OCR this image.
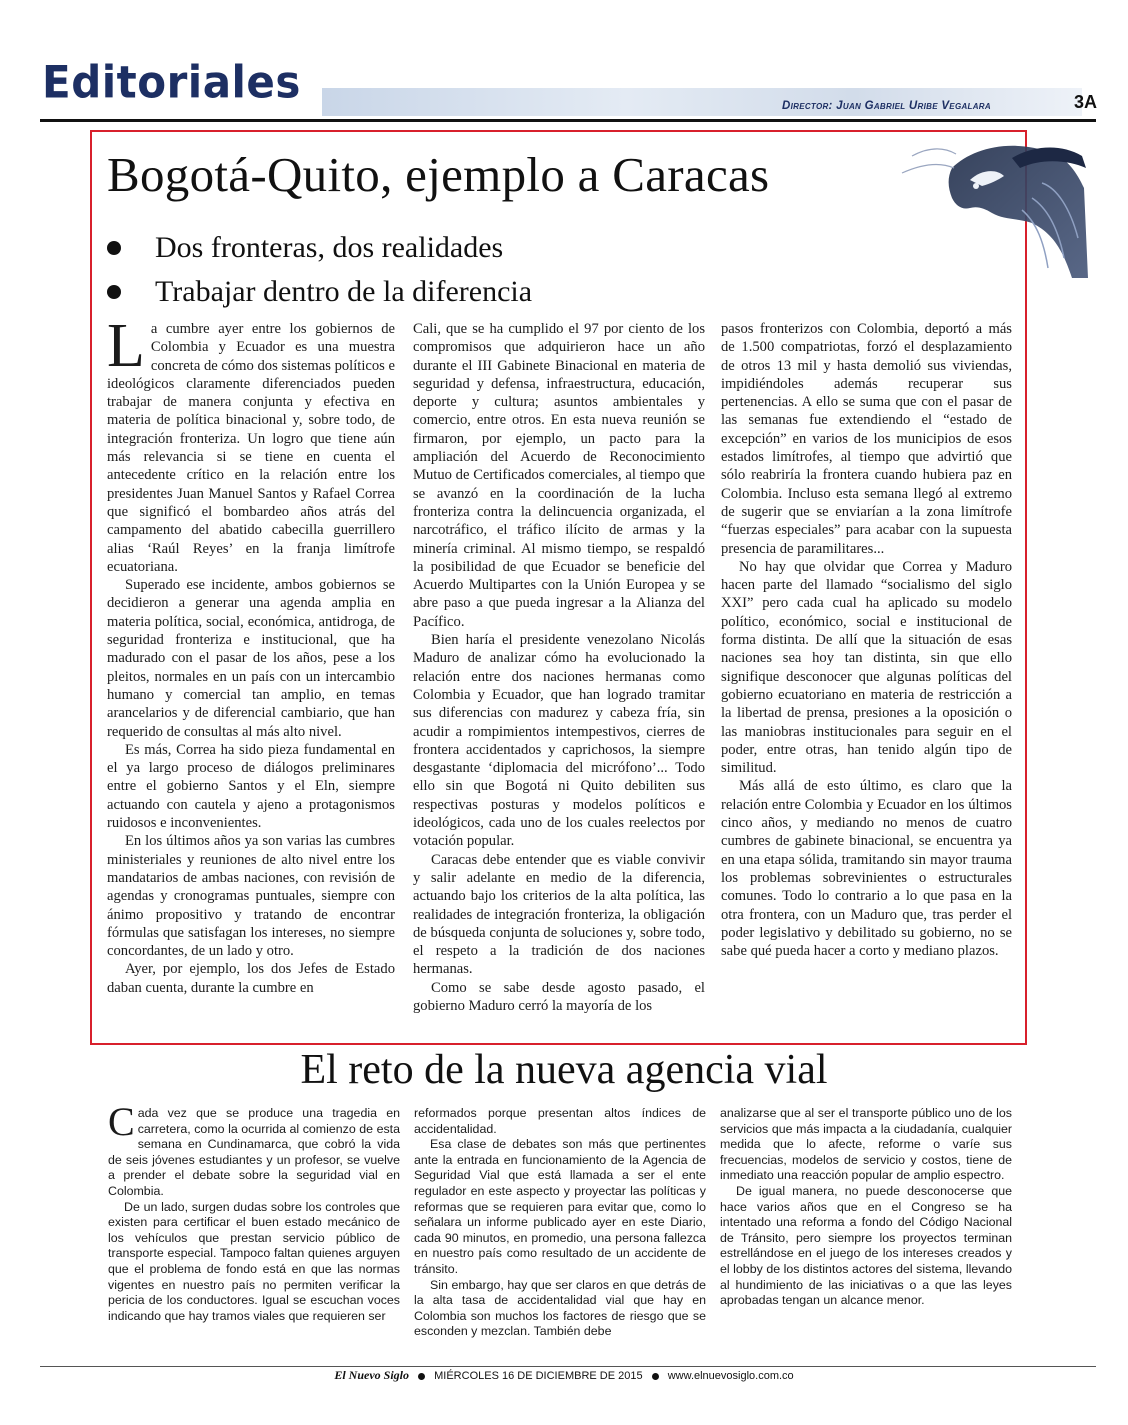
Editoriales	Director: Juan Gabriel Uribe Vegalara	3A
Bogotá-Quito, ejemplo a Caracas
Dos fronteras, dos realidades
Trabajar dentro de la diferencia

La cumbre ayer entre los gobiernos de Colombia y Ecuador es una muestra concreta de cómo dos sistemas políticos e ideológicos claramente diferenciados pueden trabajar de manera conjunta y efectiva en materia de política binacional y, sobre todo, de integración fronteriza. Un logro que tiene aún más relevancia si se tiene en cuenta el antecedente crítico en la relación entre los presidentes Juan Manuel Santos y Rafael Correa que significó el bombardeo años atrás del campamento del abatido cabecilla guerrillero alias ‘Raúl Reyes’ en la franja limítrofe ecuatoriana.

Superado ese incidente, ambos gobiernos se decidieron a generar una agenda amplia en materia política, social, económica, antidroga, de seguridad fronteriza e institucional, que ha madurado con el pasar de los años, pese a los pleitos, normales en un país con un intercambio humano y comercial tan amplio, en temas arancelarios y de diferencial cambiario, que han requerido de consultas al más alto nivel.

Es más, Correa ha sido pieza fundamental en el ya largo proceso de diálogos preliminares entre el gobierno Santos y el Eln, siempre actuando con cautela y ajeno a protagonismos ruidosos e inconvenientes.

En los últimos años ya son varias las cumbres ministeriales y reuniones de alto nivel entre los mandatarios de ambas naciones, con revisión de agendas y cronogramas puntuales, siempre con ánimo propositivo y tratando de encontrar fórmulas que satisfagan los intereses, no siempre concordantes, de un lado y otro.

Ayer, por ejemplo, los dos Jefes de Estado daban cuenta, durante la cumbre en

Cali, que se ha cumplido el 97 por ciento de los compromisos que adquirieron hace un año durante el III Gabinete Binacional en materia de seguridad y defensa, infraestructura, educación, deporte y cultura; asuntos ambientales y comercio, entre otros. En esta nueva reunión se firmaron, por ejemplo, un pacto para la ampliación del Acuerdo de Reconocimiento Mutuo de Certificados comerciales, al tiempo que se avanzó en la coordinación de la lucha fronteriza contra la delincuencia organizada, el narcotráfico, el tráfico ilícito de armas y la minería criminal. Al mismo tiempo, se respaldó la posibilidad de que Ecuador se beneficie del Acuerdo Multipartes con la Unión Europea y se abre paso a que pueda ingresar a la Alianza del Pacífico.

Bien haría el presidente venezolano Nicolás Maduro de analizar cómo ha evolucionado la relación entre dos naciones hermanas como Colombia y Ecuador, que han logrado tramitar sus diferencias con madurez y cabeza fría, sin acudir a rompimientos intempestivos, cierres de frontera accidentados y caprichosos, la siempre desgastante ‘diplomacia del micrófono’... Todo ello sin que Bogotá ni Quito debiliten sus respectivas posturas y modelos políticos e ideológicos, cada uno de los cuales reelectos por votación popular.

Caracas debe entender que es viable convivir y salir adelante en medio de la diferencia, actuando bajo los criterios de la alta política, las realidades de integración fronteriza, la obligación de búsqueda conjunta de soluciones y, sobre todo, el respeto a la tradición de dos naciones hermanas.

Como se sabe desde agosto pasado, el gobierno Maduro cerró la mayoría de los

pasos fronterizos con Colombia, deportó a más de 1.500 compatriotas, forzó el desplazamiento de otros 13 mil y hasta demolió sus viviendas, impidiéndoles además recuperar sus pertenencias. A ello se suma que con el pasar de las semanas fue extendiendo el “estado de excepción” en varios de los municipios de esos estados limítrofes, al tiempo que advirtió que sólo reabriría la frontera cuando hubiera paz en Colombia. Incluso esta semana llegó al extremo de sugerir que se enviarían a la zona limítrofe “fuerzas especiales” para acabar con la supuesta presencia de paramilitares...

No hay que olvidar que Correa y Maduro hacen parte del llamado “socialismo del siglo XXI” pero cada cual ha aplicado su modelo político, económico, social e institucional de forma distinta. De allí que la situación de esas naciones sea hoy tan distinta, sin que ello signifique desconocer que algunas políticas del gobierno ecuatoriano en materia de restricción a la libertad de prensa, presiones a la oposición o las maniobras institucionales para seguir en el poder, entre otras, han tenido algún tipo de similitud.

Más allá de esto último, es claro que la relación entre Colombia y Ecuador en los últimos cinco años, y mediando no menos de cuatro cumbres de gabinete binacional, se encuentra ya en una etapa sólida, tramitando sin mayor trauma los problemas sobrevinientes o estructurales comunes. Todo lo contrario a lo que pasa en la otra frontera, con un Maduro que, tras perder el poder legislativo y debilitado su gobierno, no se sabe qué pueda hacer a corto y mediano plazos.

El reto de la nueva agencia vial

Cada vez que se produce una tragedia en carretera, como la ocurrida al comienzo de esta semana en Cundinamarca, que cobró la vida de seis jóvenes estudiantes y un profesor, se vuelve a prender el debate sobre la seguridad vial en Colombia.

De un lado, surgen dudas sobre los controles que existen para certificar el buen estado mecánico de los vehículos que prestan servicio público de transporte especial. Tampoco faltan quienes arguyen que el problema de fondo está en que las normas vigentes en nuestro país no permiten verificar la pericia de los conductores. Igual se escuchan voces indicando que hay tramos viales que requieren ser

reformados porque presentan altos índices de accidentalidad.

Esa clase de debates son más que pertinentes ante la entrada en funcionamiento de la Agencia de Seguridad Vial que está llamada a ser el ente regulador en este aspecto y proyectar las políticas y reformas que se requieren para evitar que, como lo señalara un informe publicado ayer en este Diario, cada 90 minutos, en promedio, una persona fallezca en nuestro país como resultado de un accidente de tránsito.

Sin embargo, hay que ser claros en que detrás de la alta tasa de accidentalidad vial que hay en Colombia son muchos los factores de riesgo que se esconden y mezclan. También debe

analizarse que al ser el transporte público uno de los servicios que más impacta a la ciudadanía, cualquier medida que lo afecte, reforme o varíe sus frecuencias, modelos de servicio y costos, tiene de inmediato una reacción popular de amplio espectro.

De igual manera, no puede desconocerse que hace varios años que en el Congreso se ha intentado una reforma a fondo del Código Nacional de Tránsito, pero siempre los proyectos terminan estrellándose en el juego de los intereses creados y el lobby de los distintos actores del sistema, llevando al hundimiento de las iniciativas o a que las leyes aprobadas tengan un alcance menor.

El Nuevo Siglo MIÉRCOLES 16 DE DICIEMBRE DE 2015 www.elnuevosiglo.com.co
